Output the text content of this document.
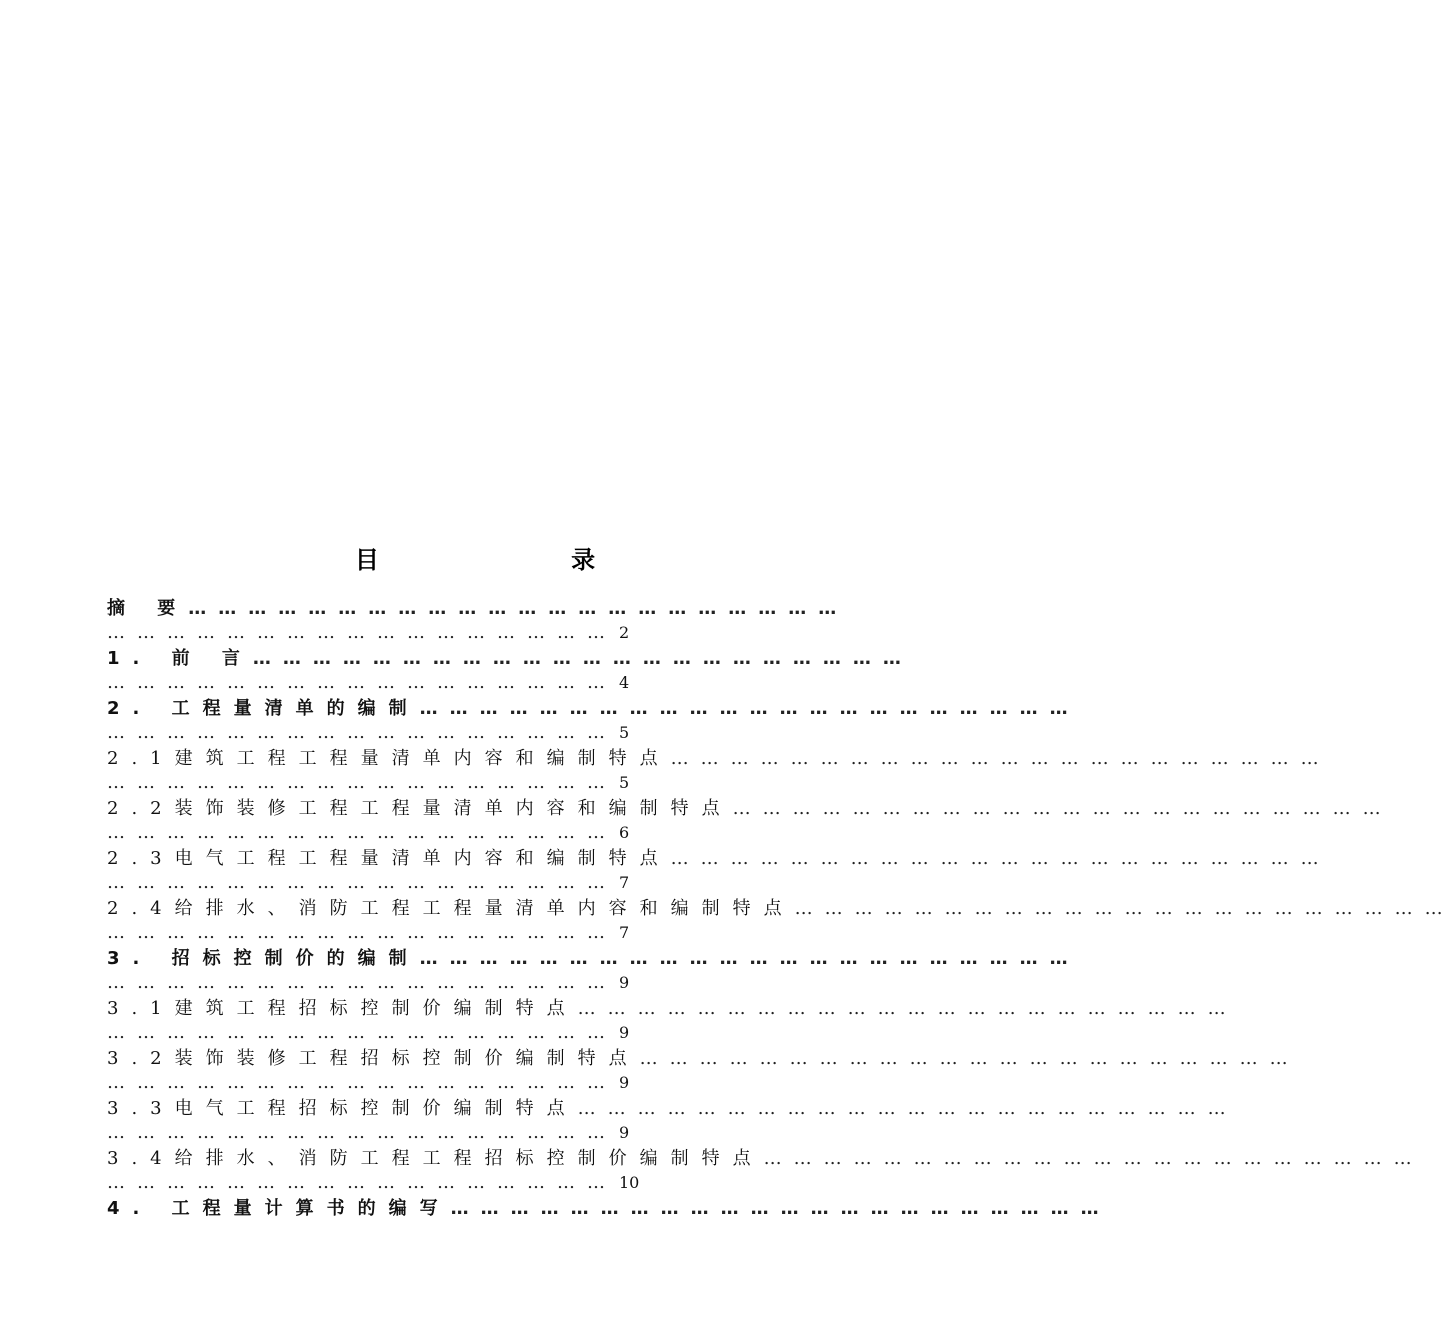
目 录
摘 要…………………………………………………………
…………………………………………… 2
1. 前 言…………………………………………………………
…………………………………………… 4
2. 工程量清单的编制…………………………………………………………
…………………………………………… 5
2.1建筑工程工程量清单内容和编制特点…………………………………………………………
…………………………………………… 5
2.2装饰装修工程工程量清单内容和编制特点…………………………………………………………
…………………………………………… 6
2.3电气工程工程量清单内容和编制特点…………………………………………………………
…………………………………………… 7
2.4给排水、消防工程工程量清单内容和编制特点…………………………………………………………
…………………………………………… 7
3. 招标控制价的编制…………………………………………………………
…………………………………………… 9
3.1建筑工程招标控制价编制特点…………………………………………………………
…………………………………………… 9
3.2装饰装修工程招标控制价编制特点…………………………………………………………
…………………………………………… 9
3.3电气工程招标控制价编制特点…………………………………………………………
…………………………………………… 9
3.4给排水、消防工程工程招标控制价编制特点…………………………………………………………
…………………………………………… 10
4. 工程量计算书的编写…………………………………………………………
